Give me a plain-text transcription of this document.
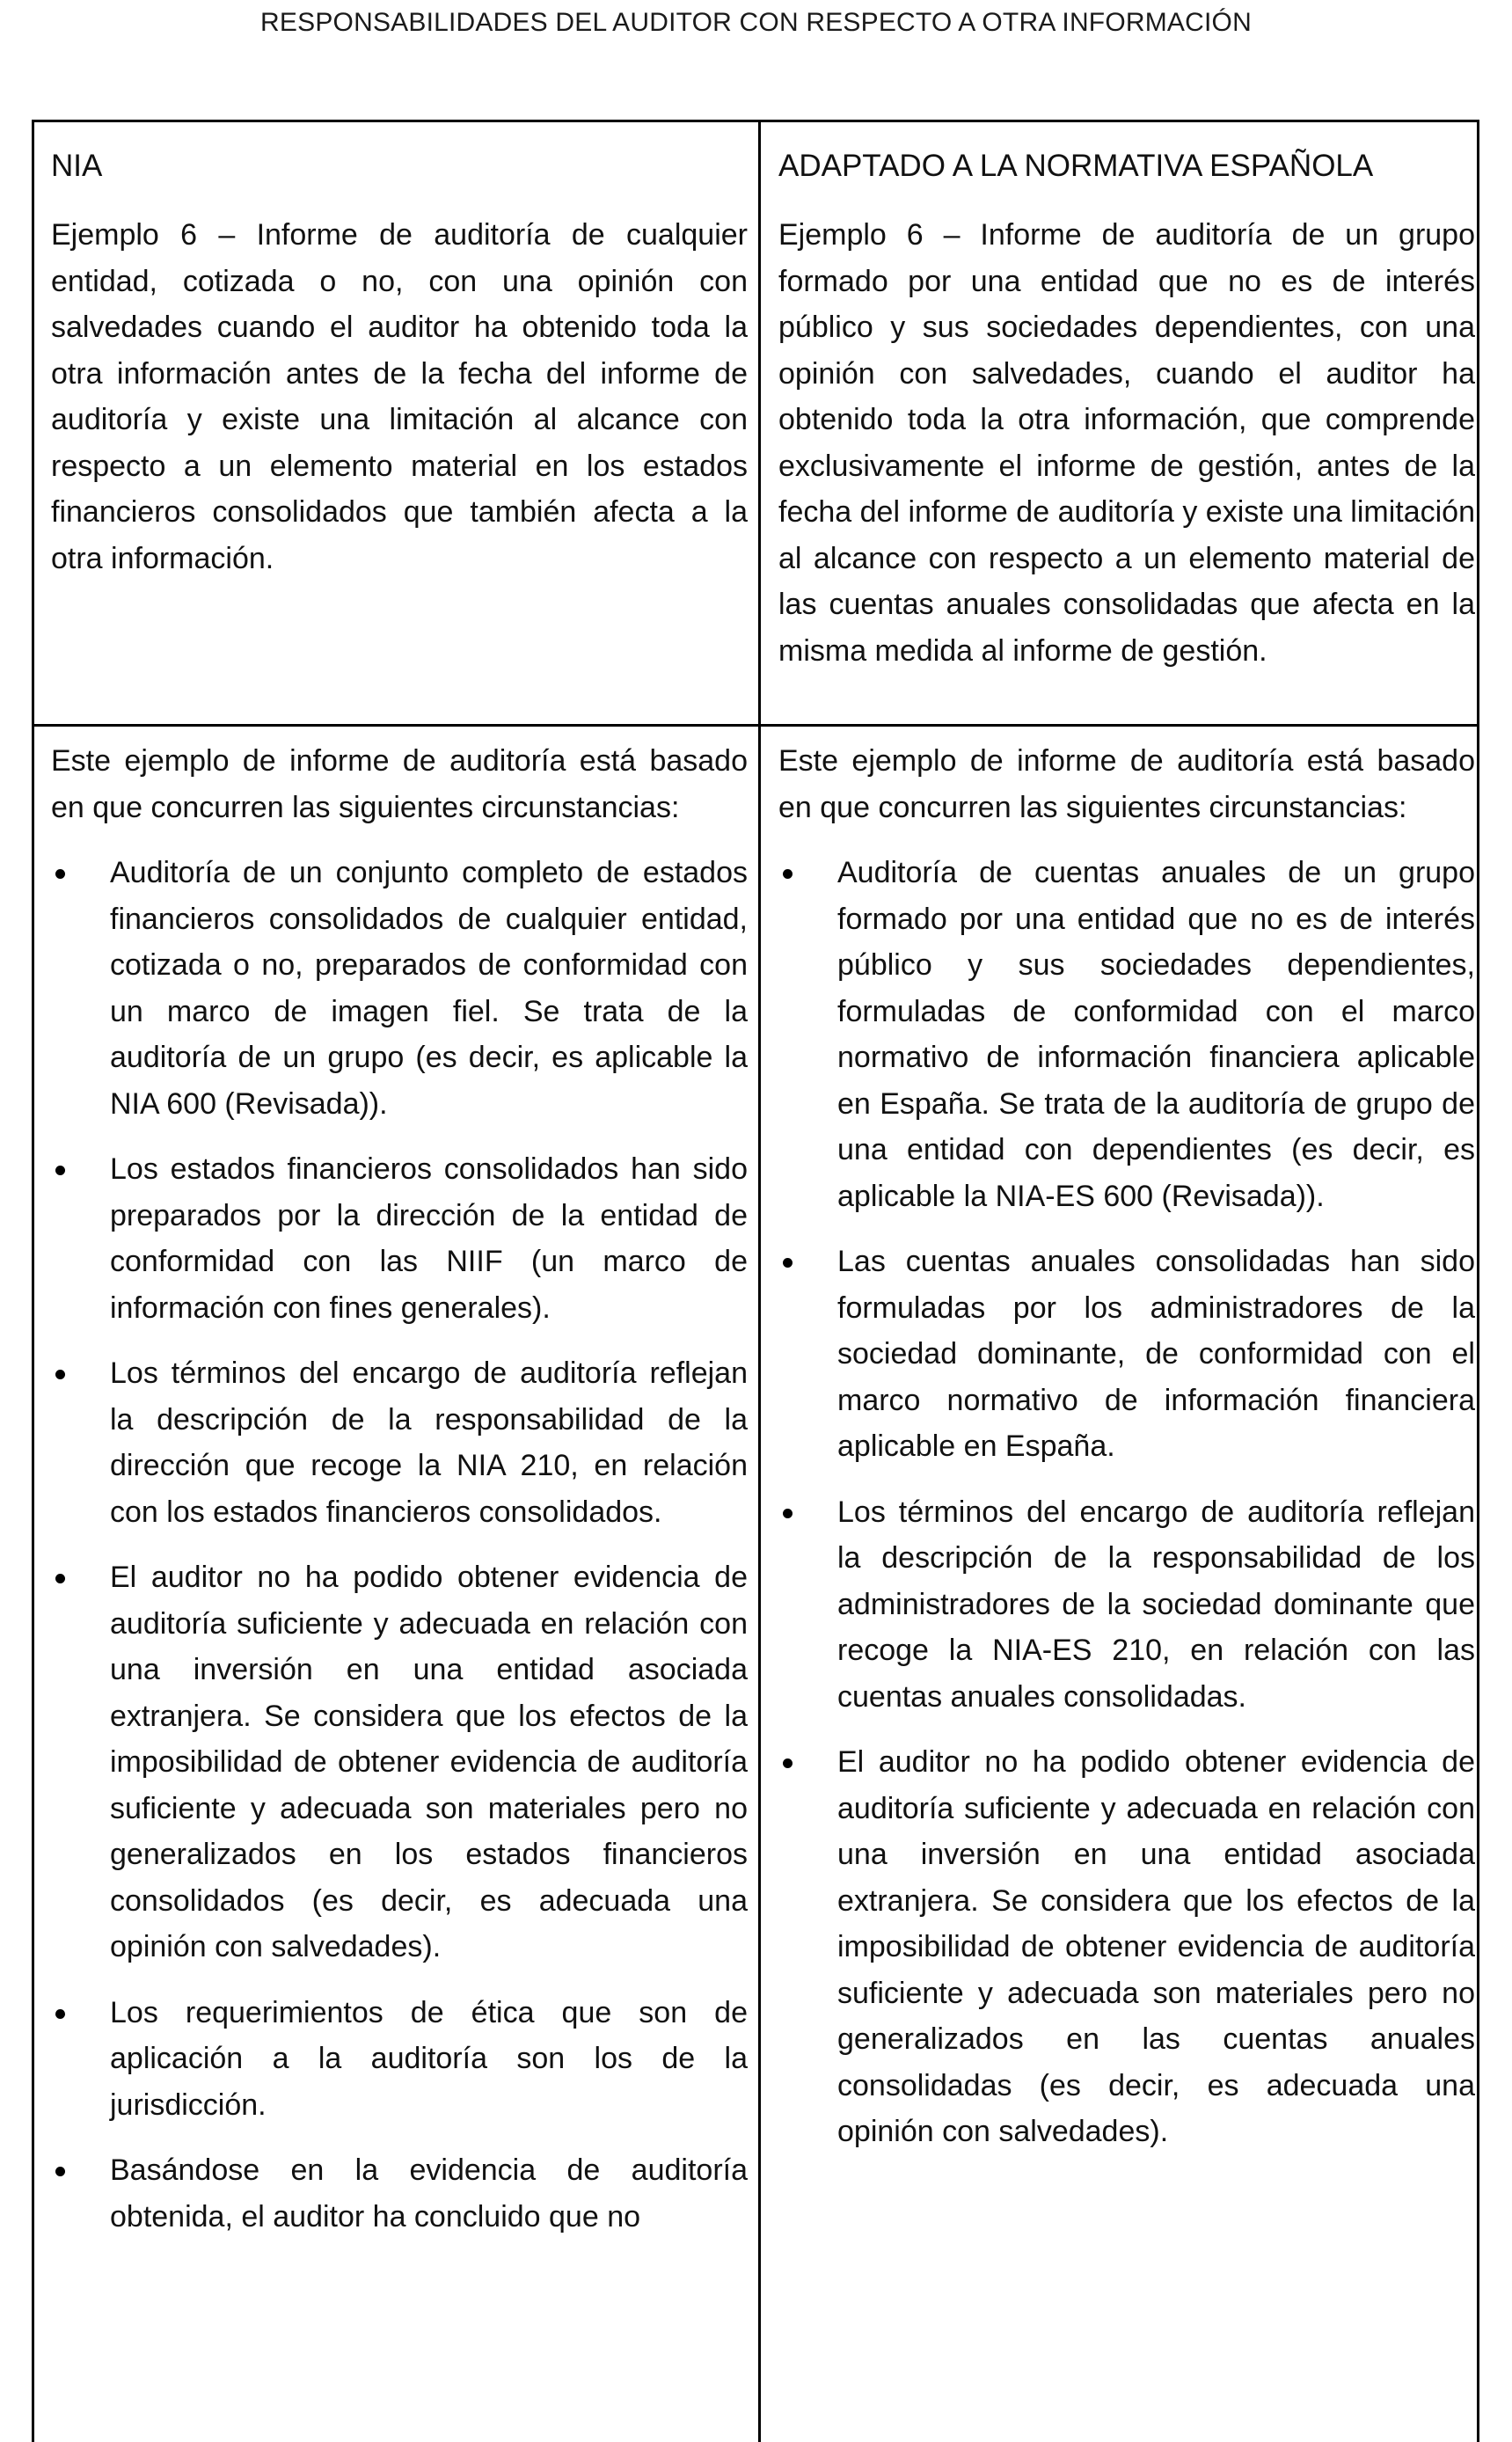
RESPONSABILIDADES DEL AUDITOR CON RESPECTO A OTRA INFORMACIÓN
NIA

Ejemplo 6 – Informe de auditoría de cualquier entidad, cotizada o no, con una opinión con salvedades cuando el auditor ha obtenido toda la otra información antes de la fecha del informe de auditoría y existe una limitación al alcance con respecto a un elemento material en los estados financieros consolidados que también afecta a la otra información.

Este ejemplo de informe de auditoría está basado en que concurren las siguientes circunstancias:

Auditoría de un conjunto completo de estados financieros consolidados de cualquier entidad, cotizada o no, preparados de conformidad con un marco de imagen fiel. Se trata de la auditoría de un grupo (es decir, es aplicable la NIA 600 (Revisada)).

Los estados financieros consolidados han sido preparados por la dirección de la entidad de conformidad con las NIIF (un marco de información con fines generales).

Los términos del encargo de auditoría reflejan la descripción de la responsabilidad de la dirección que recoge la NIA 210, en relación con los estados financieros consolidados.

El auditor no ha podido obtener evidencia de auditoría suficiente y adecuada en relación con una inversión en una entidad asociada extranjera. Se considera que los efectos de la imposibilidad de obtener evidencia de auditoría suficiente y adecuada son materiales pero no generalizados en los estados financieros consolidados (es decir, es adecuada una opinión con salvedades).

Los requerimientos de ética que son de aplicación a la auditoría son los de la jurisdicción.

Basándose en la evidencia de auditoría obtenida, el auditor ha concluido que no

ADAPTADO A LA NORMATIVA ESPAÑOLA

Ejemplo 6 – Informe de auditoría de un grupo formado por una entidad que no es de interés público y sus sociedades dependientes, con una opinión con salvedades, cuando el auditor ha obtenido toda la otra información, que comprende exclusivamente el informe de gestión, antes de la fecha del informe de auditoría y existe una limitación al alcance con respecto a un elemento material de las cuentas anuales consolidadas que afecta en la misma medida al informe de gestión.

Este ejemplo de informe de auditoría está basado en que concurren las siguientes circunstancias:

Auditoría de cuentas anuales de un grupo formado por una entidad que no es de interés público y sus sociedades dependientes, formuladas de conformidad con el marco normativo de información financiera aplicable en España. Se trata de la auditoría de grupo de una entidad con dependientes (es decir, es aplicable la NIA-ES 600 (Revisada)).

Las cuentas anuales consolidadas han sido formuladas por los administradores de la sociedad dominante, de conformidad con el marco normativo de información financiera aplicable en España.

Los términos del encargo de auditoría reflejan la descripción de la responsabilidad de los administradores de la sociedad dominante que recoge la NIA-ES 210, en relación con las cuentas anuales consolidadas.

El auditor no ha podido obtener evidencia de auditoría suficiente y adecuada en relación con una inversión en una entidad asociada extranjera. Se considera que los efectos de la imposibilidad de obtener evidencia de auditoría suficiente y adecuada son materiales pero no generalizados en las cuentas anuales consolidadas (es decir, es adecuada una opinión con salvedades).
